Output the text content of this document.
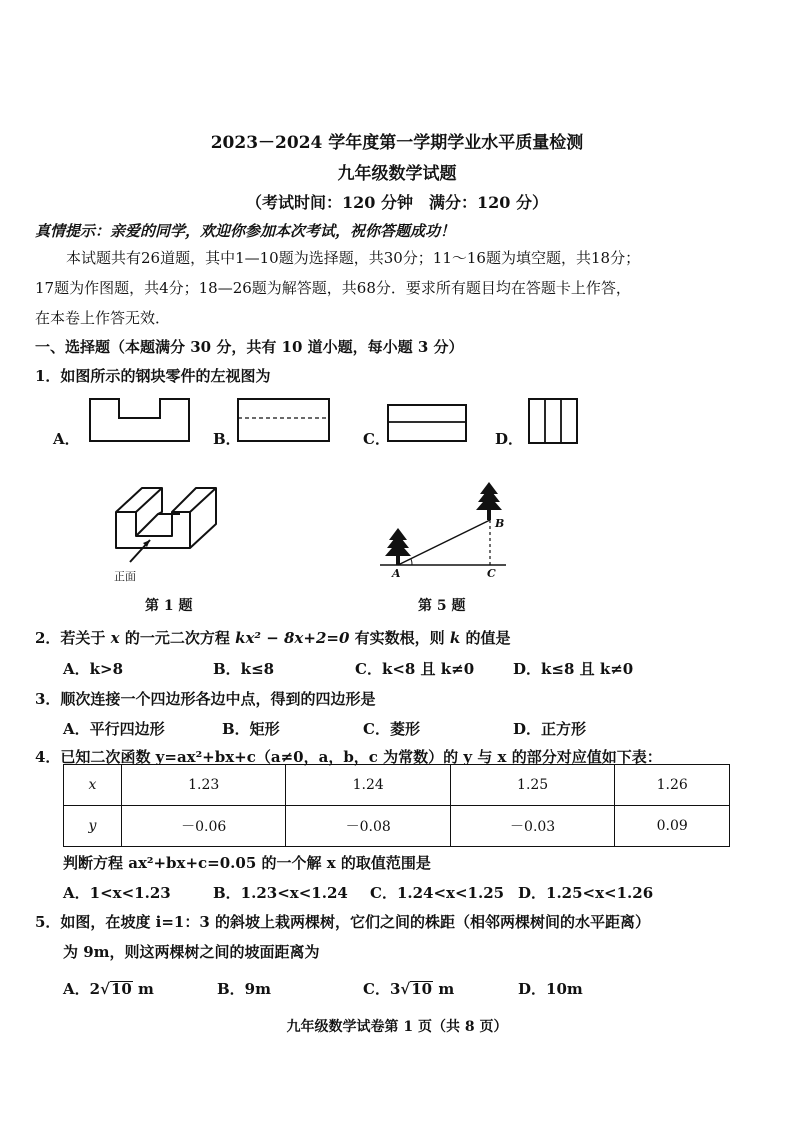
2023－2024 学年度第一学期学业水平质量检测
九年级数学试题
（考试时间：120 分钟　满分：120 分）
真情提示：亲爱的同学，欢迎你参加本次考试，祝你答题成功！
本试题共有26道题，其中1—10题为选择题，共30分；11～16题为填空题，共18分；
17题为作图题，共4分；18—26题为解答题，共68分．要求所有题目均在答题卡上作答，
在本卷上作答无效．
一、选择题（本题满分 30 分，共有 10 道小题，每小题 3 分）
1．如图所示的钢块零件的左视图为
A．	B．	C．	D．
正面
第 1 题
A
B
C
第 5 题
2．若关于 x 的一元二次方程 kx² − 8x+2=0 有实数根，则 k 的值是
A．k>8	B．k≤8	C．k<8 且 k≠0	D．k≤8 且 k≠0
3．顺次连接一个四边形各边中点，得到的四边形是
A．平行四边形	B．矩形	C．菱形	D．正方形
4．已知二次函数 y=ax²+bx+c（a≠0，a，b，c 为常数）的 y 与 x 的部分对应值如下表：
x	1.23	1.24	1.25	1.26
y	－0.06	－0.08	－0.03	0.09
判断方程 ax²+bx+c=0.05 的一个解 x 的取值范围是
A．1<x<1.23	B．1.23<x<1.24 C．1.24<x<1.25 D．1.25<x<1.26
5．如图，在坡度 i=1：3 的斜坡上栽两棵树，它们之间的株距（相邻两棵树间的水平距离）
为 9m，则这两棵树之间的坡面距离为
A．2√10 m	B．9m	C．3√10 m	D．10m
九年级数学试卷第 1 页（共 8 页）
